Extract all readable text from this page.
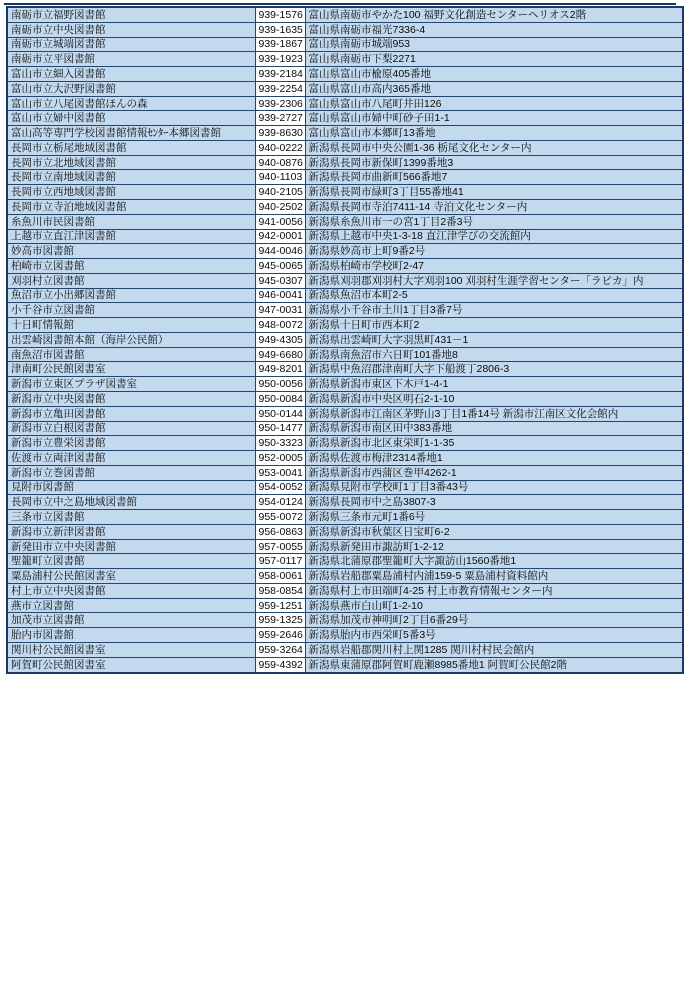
南砺市立福野図書館	939-1576	富山県南砺市やかた100 福野文化創造センターヘリオス2階
南砺市立中央図書館	939-1635	富山県南砺市福光7336-4
南砺市立城端図書館	939-1867	富山県南砺市城端953
南砺市立平図書館	939-1923	富山県南砺市下梨2271
富山市立細入図書館	939-2184	富山県富山市楡原405番地
富山市立大沢野図書館	939-2254	富山県富山市高内365番地
富山市立八尾図書館ほんの森	939-2306	富山県富山市八尾町井田126
富山市立婦中図書館	939-2727	富山県富山市婦中町砂子田1-1
富山高等専門学校図書館情報ｾﾝﾀｰ本郷図書館	939-8630	富山県富山市本郷町13番地
長岡市立栃尾地域図書館	940-0222	新潟県長岡市中央公園1-36 栃尾文化センター内
長岡市立北地域図書館	940-0876	新潟県長岡市新保町1399番地3
長岡市立南地域図書館	940-1103	新潟県長岡市曲新町566番地7
長岡市立西地域図書館	940-2105	新潟県長岡市緑町3丁目55番地41
長岡市立寺泊地域図書館	940-2502	新潟県長岡市寺泊7411-14 寺泊文化センター内
糸魚川市民図書館	941-0056	新潟県糸魚川市一の宮1丁目2番3号
上越市立直江津図書館	942-0001	新潟県上越市中央1-3-18 直江津学びの交流館内
妙高市図書館	944-0046	新潟県妙高市上町9番2号
柏崎市立図書館	945-0065	新潟県柏崎市学校町2-47
刈羽村立図書館	945-0307	新潟県刈羽郡刈羽村大字刈羽100 刈羽村生涯学習センター「ラピカ」内
魚沼市立小出郷図書館	946-0041	新潟県魚沼市本町2-5
小千谷市立図書館	947-0031	新潟県小千谷市土川1丁目3番7号
十日町情報館	948-0072	新潟県十日町市西本町2
出雲崎図書館本館（海岸公民館）	949-4305	新潟県出雲崎町大字羽黒町431－1
南魚沼市図書館	949-6680	新潟県南魚沼市六日町101番地8
津南町公民館図書室	949-8201	新潟県中魚沼郡津南町大字下船渡丁2806-3
新潟市立東区プラザ図書室	950-0056	新潟県新潟市東区下木戸1-4-1
新潟市立中央図書館	950-0084	新潟県新潟市中央区明石2-1-10
新潟市立亀田図書館	950-0144	新潟県新潟市江南区茅野山3丁目1番14号 新潟市江南区文化会館内
新潟市立白根図書館	950-1477	新潟県新潟市南区田中383番地
新潟市立豊栄図書館	950-3323	新潟県新潟市北区東栄町1-1-35
佐渡市立両津図書館	952-0005	新潟県佐渡市梅津2314番地1
新潟市立巻図書館	953-0041	新潟県新潟市西蒲区巻甲4262-1
見附市図書館	954-0052	新潟県見附市学校町1丁目3番43号
長岡市立中之島地域図書館	954-0124	新潟県長岡市中之島3807-3
三条市立図書館	955-0072	新潟県三条市元町1番6号
新潟市立新津図書館	956-0863	新潟県新潟市秋葉区日宝町6-2
新発田市立中央図書館	957-0055	新潟県新発田市諏訪町1-2-12
聖籠町立図書館	957-0117	新潟県北蒲原郡聖籠町大字諏訪山1560番地1
粟島浦村公民館図書室	958-0061	新潟県岩船郡粟島浦村内浦159-5 粟島浦村資料館内
村上市立中央図書館	958-0854	新潟県村上市田端町4-25 村上市教育情報センター内
燕市立図書館	959-1251	新潟県燕市白山町1-2-10
加茂市立図書館	959-1325	新潟県加茂市神明町2丁目6番29号
胎内市図書館	959-2646	新潟県胎内市西栄町5番3号
関川村公民館図書室	959-3264	新潟県岩船郡関川村上関1285 関川村村民会館内
阿賀町公民館図書室	959-4392	新潟県東蒲原郡阿賀町鹿瀬8985番地1 阿賀町公民館2階
